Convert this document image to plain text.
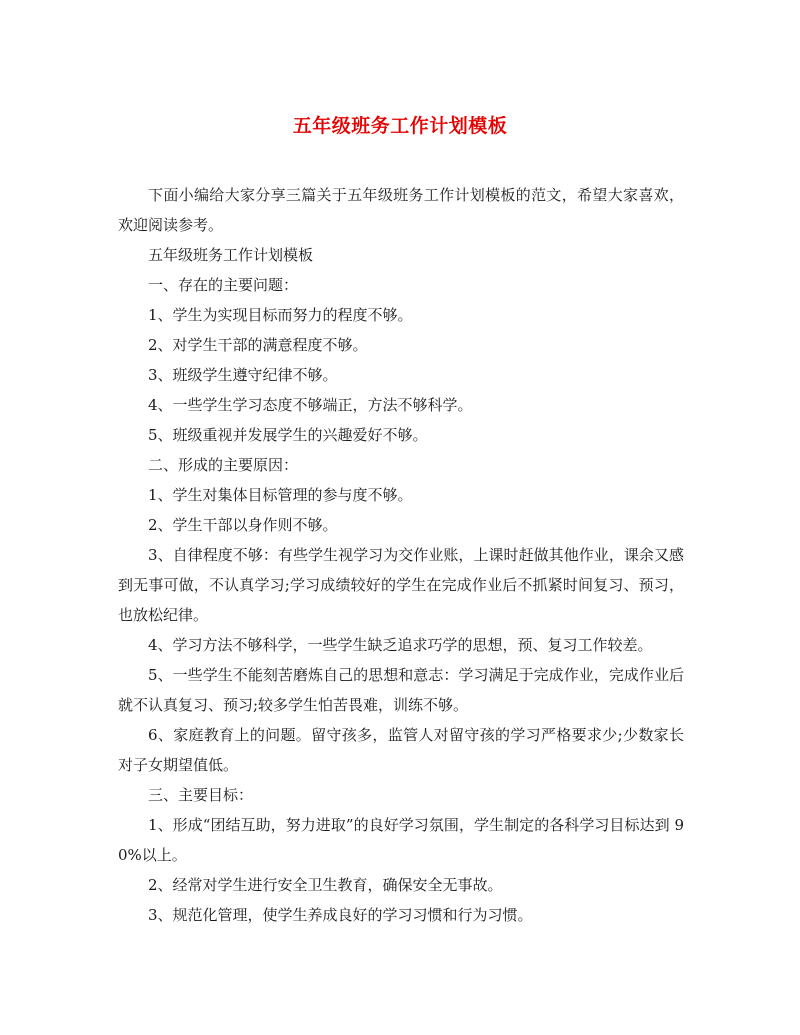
五年级班务工作计划模板

下面小编给大家分享三篇关于五年级班务工作计划模板的范文，希望大家喜欢，欢迎阅读参考。

五年级班务工作计划模板

一、存在的主要问题：

1、学生为实现目标而努力的程度不够。

2、对学生干部的满意程度不够。

3、班级学生遵守纪律不够。

4、一些学生学习态度不够端正，方法不够科学。

5、班级重视并发展学生的兴趣爱好不够。

二、形成的主要原因：

1、学生对集体目标管理的参与度不够。

2、学生干部以身作则不够。

3、自律程度不够：有些学生视学习为交作业账，上课时赶做其他作业，课余又感到无事可做，不认真学习;学习成绩较好的学生在完成作业后不抓紧时间复习、预习，也放松纪律。

4、学习方法不够科学，一些学生缺乏追求巧学的思想，预、复习工作较差。

5、一些学生不能刻苦磨炼自己的思想和意志：学习满足于完成作业，完成作业后就不认真复习、预习;较多学生怕苦畏难，训练不够。

6、家庭教育上的问题。留守孩多，监管人对留守孩的学习严格要求少;少数家长对子女期望值低。

三、主要目标：

1、形成“团结互助，努力进取”的良好学习氛围，学生制定的各科学习目标达到 90%以上。

2、经常对学生进行安全卫生教育，确保安全无事故。

3、规范化管理，使学生养成良好的学习习惯和行为习惯。
